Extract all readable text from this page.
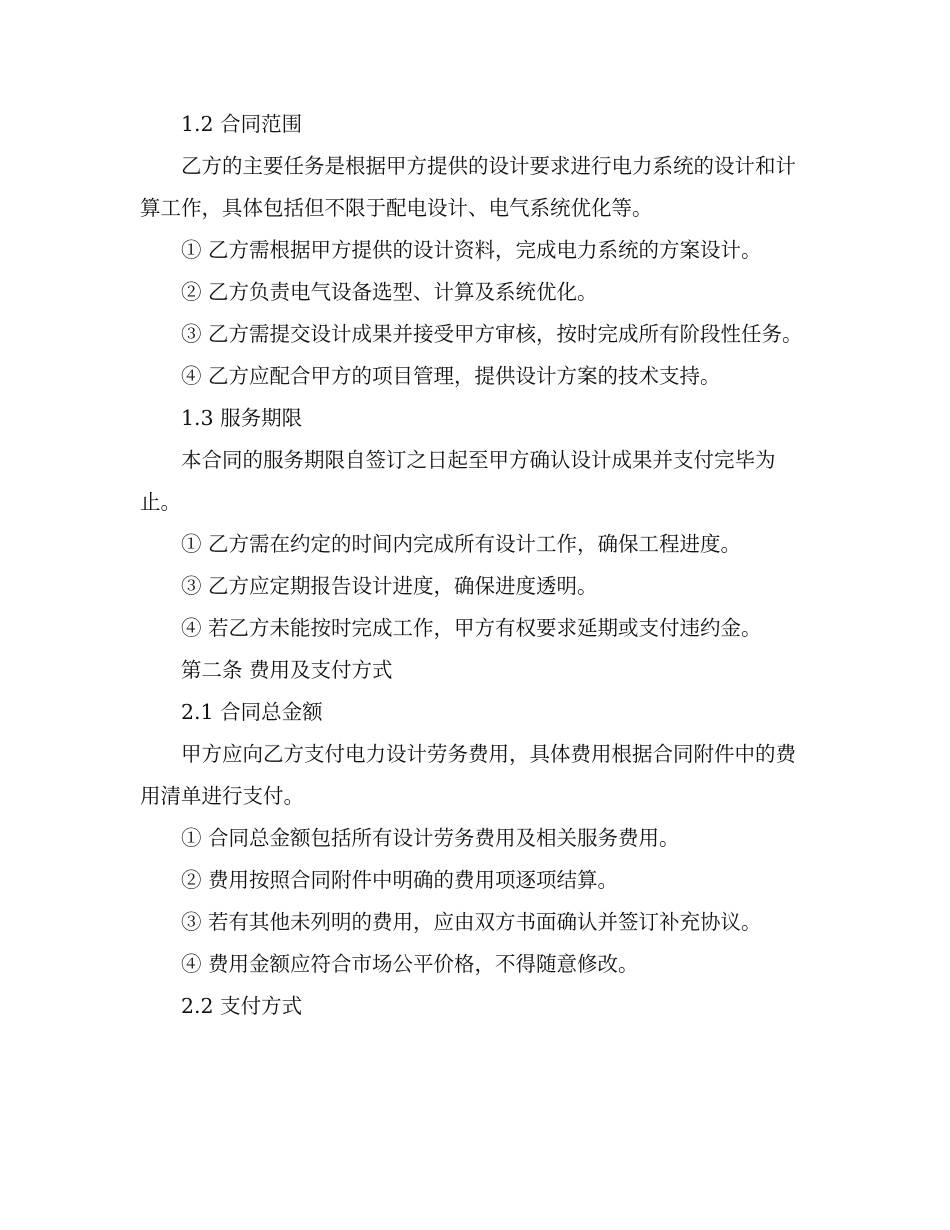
1.2 合同范围

乙方的主要任务是根据甲方提供的设计要求进行电力系统的设计和计算工作，具体包括但不限于配电设计、电气系统优化等。

① 乙方需根据甲方提供的设计资料，完成电力系统的方案设计。

② 乙方负责电气设备选型、计算及系统优化。

③ 乙方需提交设计成果并接受甲方审核，按时完成所有阶段性任务。

④ 乙方应配合甲方的项目管理，提供设计方案的技术支持。

1.3 服务期限

本合同的服务期限自签订之日起至甲方确认设计成果并支付完毕为止。

① 乙方需在约定的时间内完成所有设计工作，确保工程进度。

③ 乙方应定期报告设计进度，确保进度透明。

④ 若乙方未能按时完成工作，甲方有权要求延期或支付违约金。

第二条 费用及支付方式

2.1 合同总金额

甲方应向乙方支付电力设计劳务费用，具体费用根据合同附件中的费用清单进行支付。

① 合同总金额包括所有设计劳务费用及相关服务费用。

② 费用按照合同附件中明确的费用项逐项结算。

③ 若有其他未列明的费用，应由双方书面确认并签订补充协议。

④ 费用金额应符合市场公平价格，不得随意修改。

2.2 支付方式
